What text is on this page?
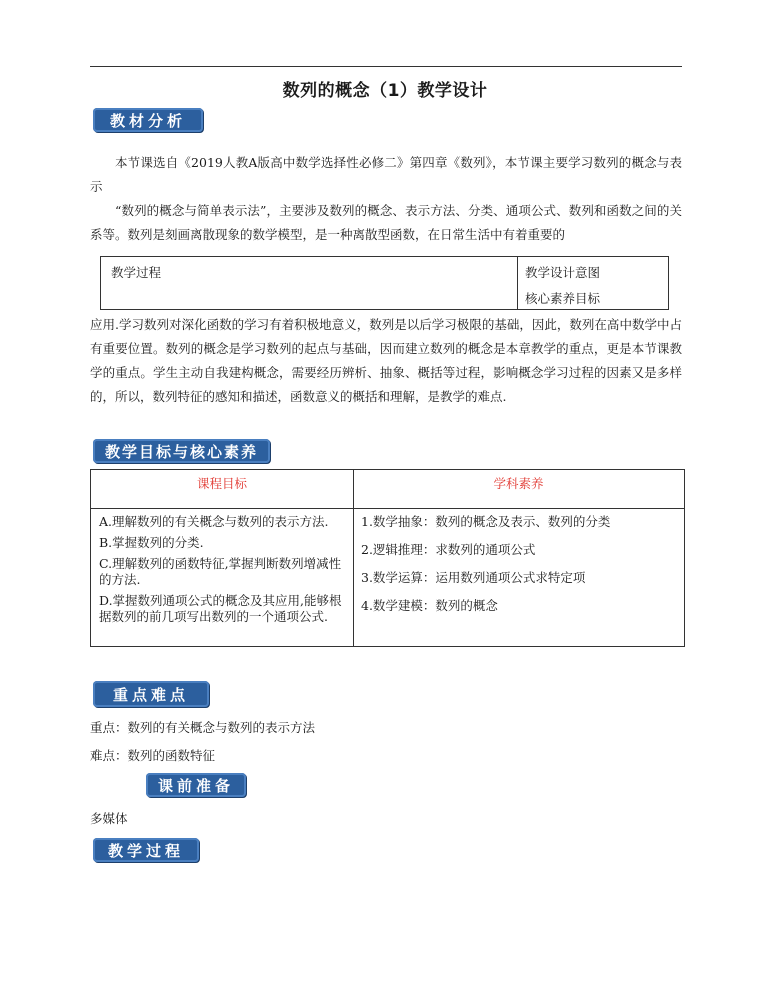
数列的概念（1）教学设计
教材分析

本节课选自《2019人教A版高中数学选择性必修二》第四章《数列》，本节课主要学习数列的概念与表示

“数列的概念与简单表示法”，主要涉及数列的概念、表示方法、分类、通项公式、数列和函数之间的关系等。数列是刻画离散现象的数学模型，是一种离散型函数，在日常生活中有着重要的

教学过程	教学设计意图
核心素养目标

应用.学习数列对深化函数的学习有着积极地意义，数列是以后学习极限的基础，因此，数列在高中数学中占有重要位置。数列的概念是学习数列的起点与基础，因而建立数列的概念是本章教学的重点，更是本节课教学的重点。学生主动自我建构概念，需要经历辨析、抽象、概括等过程，影响概念学习过程的因素又是多样的，所以，数列特征的感知和描述，函数意义的概括和理解，是教学的难点.

教学目标与核心素养
课程目标	学科素养
A.理解数列的有关概念与数列的表示方法.
B.掌握数列的分类.
C.理解数列的函数特征,掌握判断数列增减性的方法.
D.掌握数列通项公式的概念及其应用,能够根据数列的前几项写出数列的一个通项公式.
1.数学抽象：数列的概念及表示、数列的分类
2.逻辑推理：求数列的通项公式
3.数学运算：运用数列通项公式求特定项
4.数学建模：数列的概念
重点难点
重点：数列的有关概念与数列的表示方法
难点：数列的函数特征
课前准备
多媒体
教学过程
